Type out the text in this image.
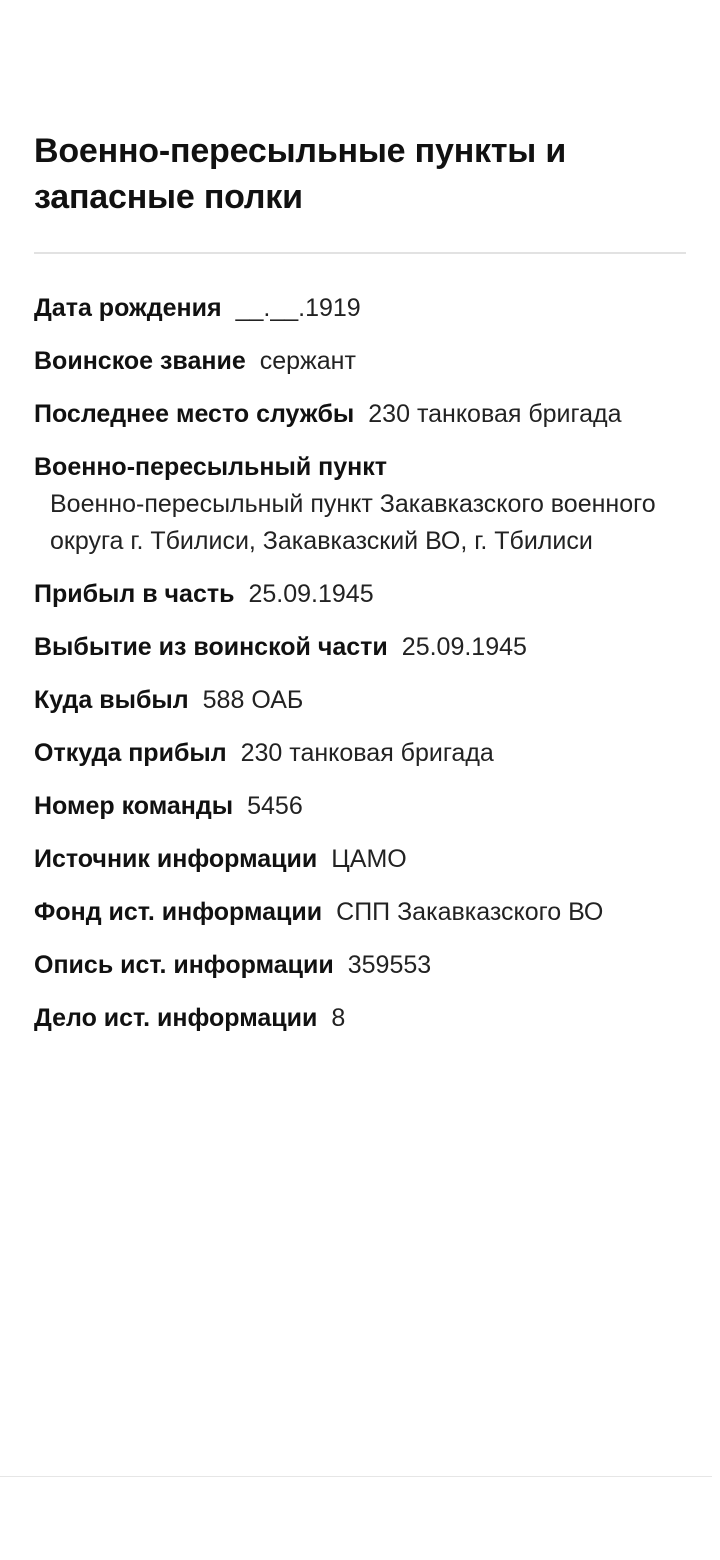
Военно-пересыльные пункты и запасные полки
Дата рождения __.__.1919
Воинское звание сержант
Последнее место службы 230 танковая бригада
Военно-пересыльный пункт
Военно-пересыльный пункт Закавказского военного округа г. Тбилиси, Закавказский ВО, г. Тбилиси
Прибыл в часть 25.09.1945
Выбытие из воинской части 25.09.1945
Куда выбыл 588 ОАБ
Откуда прибыл 230 танковая бригада
Номер команды 5456
Источник информации ЦАМО
Фонд ист. информации СПП Закавказского ВО
Опись ист. информации 359553
Дело ист. информации 8
